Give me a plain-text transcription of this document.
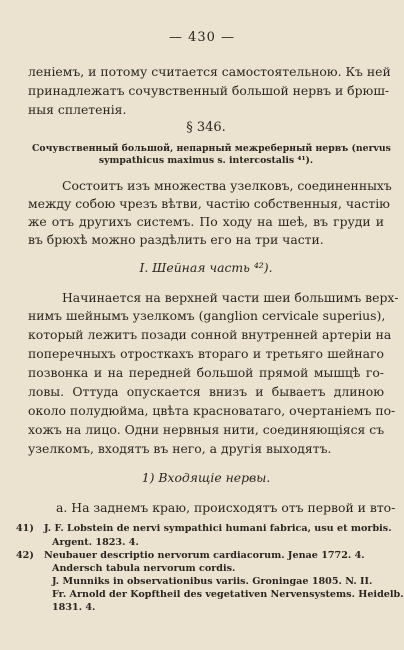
— 430 —
леніемъ, и потому считается самостоятельною. Къ ней
принадлежатъ сочувственный большой нервъ и брюш-
ныя сплетенія.
§ 346.
Сочувственный большой, непарный межреберный нервъ (nervus
sympathicus maximus s. intercostalis ⁴¹).
Состоитъ изъ множества узелковъ, соединенныхъ
между собою чрезъ вѣтви, частію собственныя, частію
же отъ другихъ системъ. По ходу на шеѣ, въ груди и
въ брюхѣ можно раздѣлить его на три части.
I. Шейная часть ⁴²).
Начинается на верхней части шеи большимъ верх-
нимъ шейнымъ узелкомъ (ganglion cervicale superius),
который лежитъ позади сонной внутренней артеріи на
поперечныхъ отросткахъ втораго и третьяго шейнаго
позвонка и на передней большой прямой мышцѣ го-
ловы. Оттуда опускается внизъ и бываетъ длиною
около полудюйма, цвѣта красноватаго, очертаніемъ по-
хожъ на лицо. Одни нервныя нити, соединяющіяся съ
узелкомъ, входятъ въ него, а другія выходятъ.
1) Входящіе нервы.
а. На заднемъ краю, происходятъ отъ первой и вто-
41) J. F. Lobstein de nervi sympathici humani fabrica, usu et morbis.
Argent. 1823. 4.
42) Neubauer descriptio nervorum cardiacorum. Jenae 1772. 4.
Andersch tabula nervorum cordis.
J. Munniks in observationibus variis. Groningae 1805. N. II.
Fr. Arnold der Kopftheil des vegetativen Nervensystems. Heidelb.
1831. 4.
